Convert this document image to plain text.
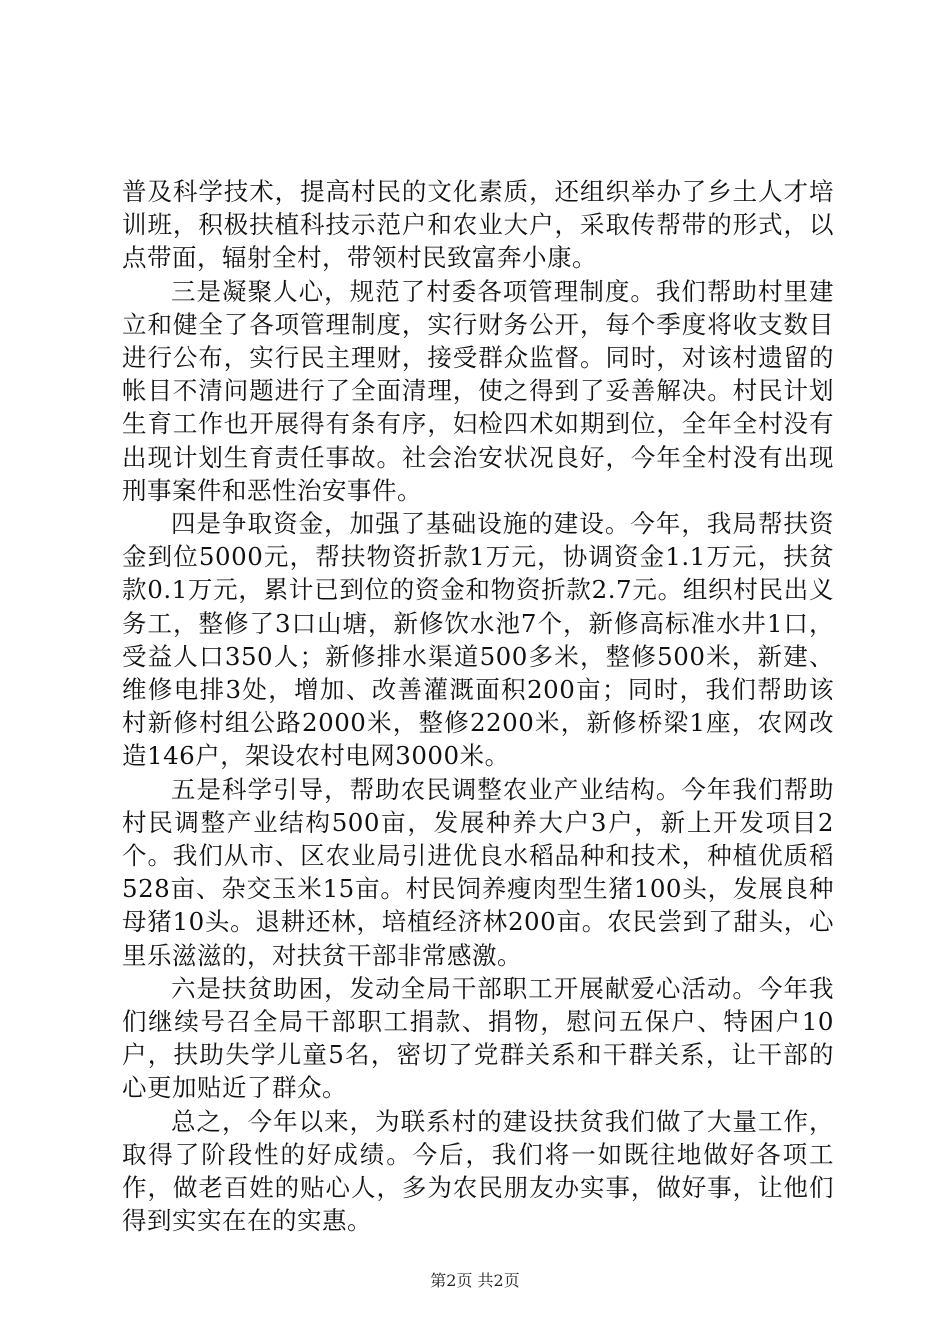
普及科学技术，提高村民的文化素质，还组织举办了乡土人才培训班，积极扶植科技示范户和农业大户，采取传帮带的形式，以点带面，辐射全村，带领村民致富奔小康。

三是凝聚人心，规范了村委各项管理制度。我们帮助村里建立和健全了各项管理制度，实行财务公开，每个季度将收支数目进行公布，实行民主理财，接受群众监督。同时，对该村遗留的帐目不清问题进行了全面清理，使之得到了妥善解决。村民计划生育工作也开展得有条有序，妇检四术如期到位，全年全村没有出现计划生育责任事故。社会治安状况良好，今年全村没有出现刑事案件和恶性治安事件。

四是争取资金，加强了基础设施的建设。今年，我局帮扶资金到位5000元，帮扶物资折款1万元，协调资金1.1万元，扶贫款0.1万元，累计已到位的资金和物资折款2.7元。组织村民出义务工，整修了3口山塘，新修饮水池7个，新修高标准水井1口，受益人口350人；新修排水渠道500多米，整修500米，新建、维修电排3处，增加、改善灌溉面积200亩；同时，我们帮助该村新修村组公路2000米，整修2200米，新修桥梁1座，农网改造146户，架设农村电网3000米。

五是科学引导，帮助农民调整农业产业结构。今年我们帮助村民调整产业结构500亩，发展种养大户3户，新上开发项目2个。我们从市、区农业局引进优良水稻品种和技术，种植优质稻528亩、杂交玉米15亩。村民饲养瘦肉型生猪100头，发展良种母猪10头。退耕还林，培植经济林200亩。农民尝到了甜头，心里乐滋滋的，对扶贫干部非常感激。

六是扶贫助困，发动全局干部职工开展献爱心活动。今年我们继续号召全局干部职工捐款、捐物，慰问五保户、特困户10户，扶助失学儿童5名，密切了党群关系和干群关系，让干部的心更加贴近了群众。

总之，今年以来，为联系村的建设扶贫我们做了大量工作，取得了阶段性的好成绩。今后，我们将一如既往地做好各项工作，做老百姓的贴心人，多为农民朋友办实事，做好事，让他们得到实实在在的实惠。

第2页 共2页
